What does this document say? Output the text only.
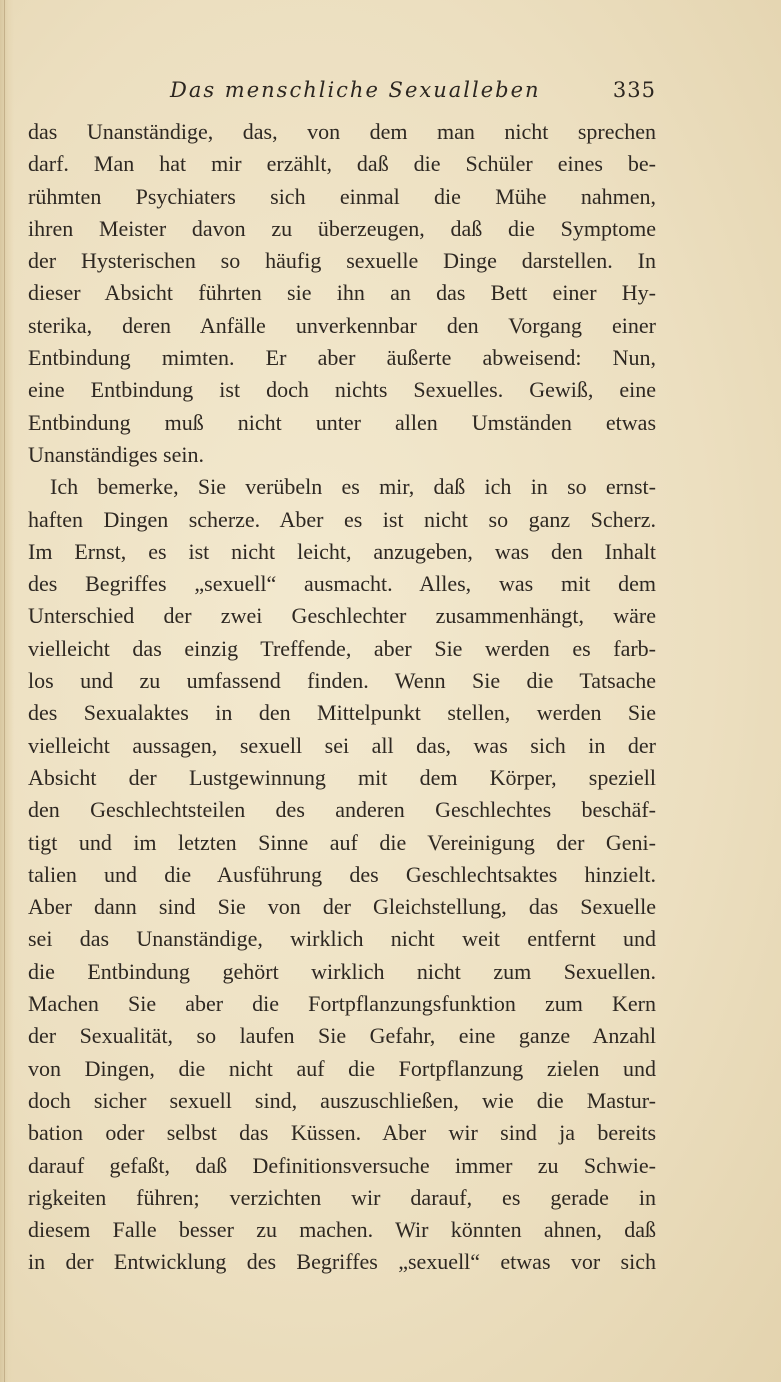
Das menschliche Sexualleben	335
das Unanständige, das, von dem man nicht sprechen
darf. Man hat mir erzählt, daß die Schüler eines be-
rühmten Psychiaters sich einmal die Mühe nahmen,
ihren Meister davon zu überzeugen, daß die Symptome
der Hysterischen so häufig sexuelle Dinge darstellen. In
dieser Absicht führten sie ihn an das Bett einer Hy-
sterika, deren Anfälle unverkennbar den Vorgang einer
Entbindung mimten. Er aber äußerte abweisend: Nun,
eine Entbindung ist doch nichts Sexuelles. Gewiß, eine
Entbindung muß nicht unter allen Umständen etwas
Unanständiges sein.
Ich bemerke, Sie verübeln es mir, daß ich in so ernst-
haften Dingen scherze. Aber es ist nicht so ganz Scherz.
Im Ernst, es ist nicht leicht, anzugeben, was den Inhalt
des Begriffes „sexuell“ ausmacht. Alles, was mit dem
Unterschied der zwei Geschlechter zusammenhängt, wäre
vielleicht das einzig Treffende, aber Sie werden es farb-
los und zu umfassend finden. Wenn Sie die Tatsache
des Sexualaktes in den Mittelpunkt stellen, werden Sie
vielleicht aussagen, sexuell sei all das, was sich in der
Absicht der Lustgewinnung mit dem Körper, speziell
den Geschlechtsteilen des anderen Geschlechtes beschäf-
tigt und im letzten Sinne auf die Vereinigung der Geni-
talien und die Ausführung des Geschlechtsaktes hinzielt.
Aber dann sind Sie von der Gleichstellung, das Sexuelle
sei das Unanständige, wirklich nicht weit entfernt und
die Entbindung gehört wirklich nicht zum Sexuellen.
Machen Sie aber die Fortpflanzungsfunktion zum Kern
der Sexualität, so laufen Sie Gefahr, eine ganze Anzahl
von Dingen, die nicht auf die Fortpflanzung zielen und
doch sicher sexuell sind, auszuschließen, wie die Mastur-
bation oder selbst das Küssen. Aber wir sind ja bereits
darauf gefaßt, daß Definitionsversuche immer zu Schwie-
rigkeiten führen; verzichten wir darauf, es gerade in
diesem Falle besser zu machen. Wir könnten ahnen, daß
in der Entwicklung des Begriffes „sexuell“ etwas vor sich
